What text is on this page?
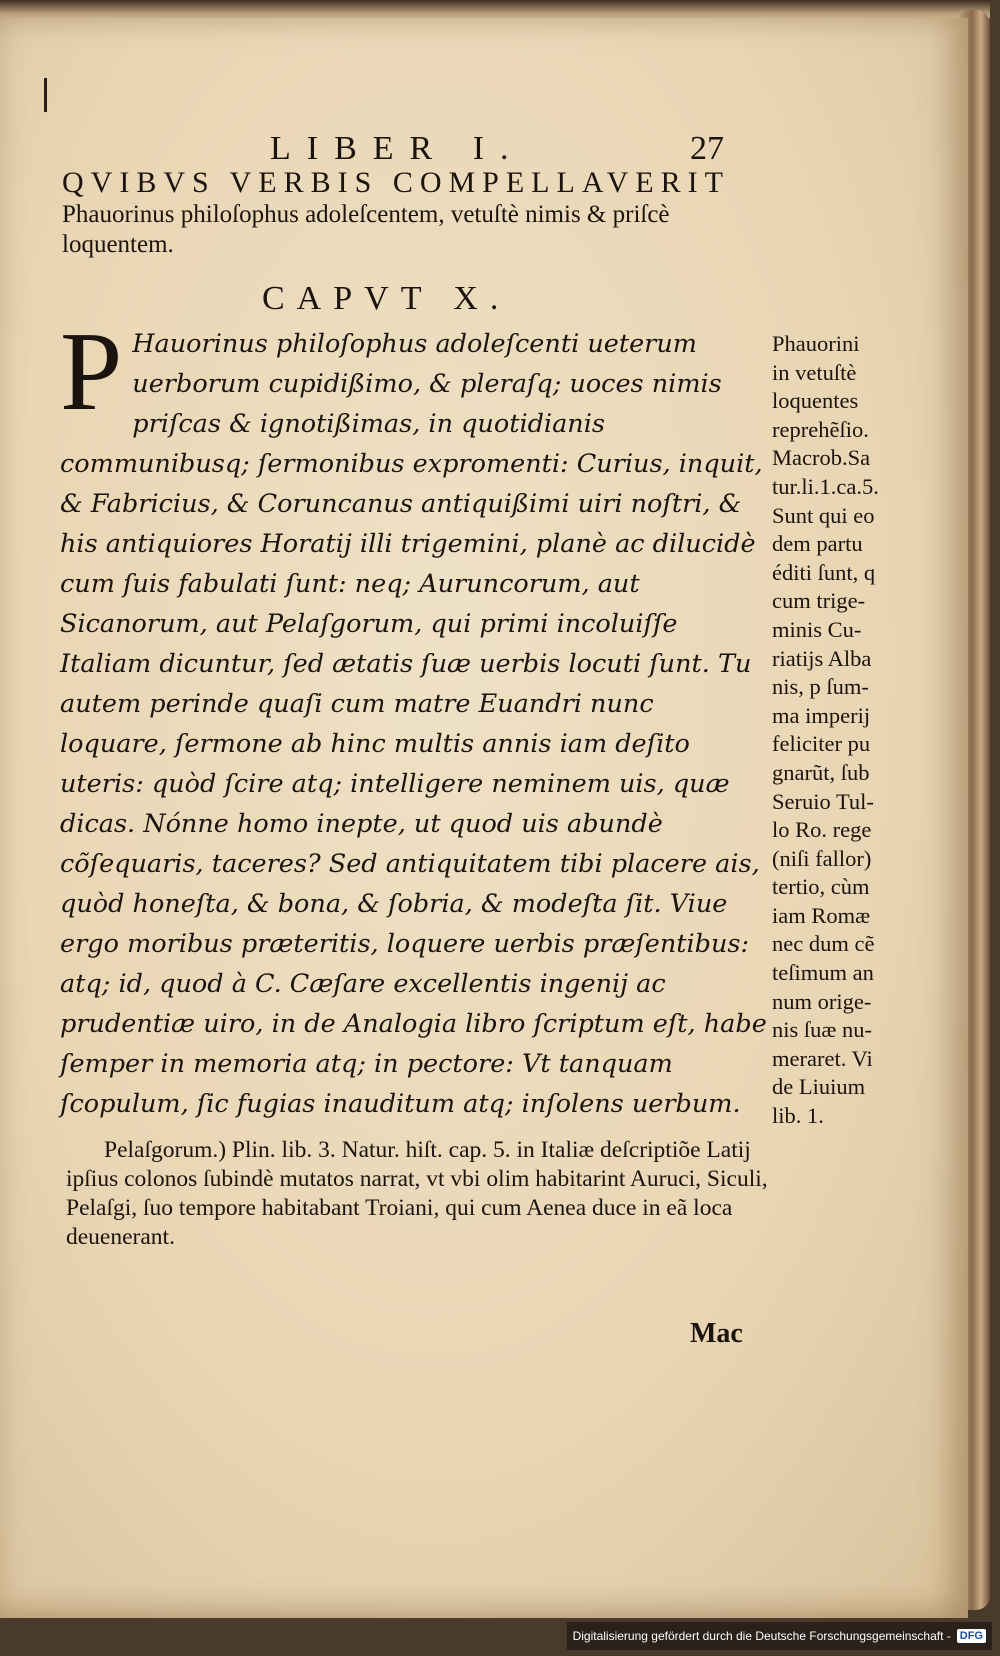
LIBER I.	27
QVIBVS VERBIS COMPELLAVERIT
Phauorinus philoſophus adoleſcentem, vetuſtè nimis & priſcè loquentem.
CAPVT X.
P Hauorinus philoſophus adoleſcenti ueterum uerborum cupidißimo, & pleraſq; uoces nimis priſcas & ignotißimas, in quotidianis communibusq; ſermonibus expromenti: Curius, inquit, & Fabricius, & Coruncanus antiquißimi uiri noſtri, & his antiquiores Horatij illi trigemini, planè ac dilucidè cum ſuis fabulati ſunt: neq; Auruncorum, aut Sicanorum, aut Pelaſgorum, qui primi incoluiſſe Italiam dicuntur, ſed ætatis ſuæ uerbis locuti ſunt. Tu autem perinde quaſi cum matre Euandri nunc loquare, ſermone ab hinc multis annis iam deſito uteris: quòd ſcire atq; intelligere neminem uis, quæ dicas. Nónne homo inepte, ut quod uis abundè cõſequaris, taceres? Sed antiquitatem tibi placere ais, quòd honeſta, & bona, & ſobria, & modeſta ſit. Viue ergo moribus præteritis, loquere uerbis præſentibus: atq; id, quod à C. Cæſare excellentis ingenij ac prudentiæ uiro, in de Analogia libro ſcriptum eſt, habe ſemper in memoria atq; in pectore: Vt tanquam ſcopulum, ſic fugias inauditum atq; inſolens uerbum.
Phauorini
in vetuſtè
loquentes
reprehẽſio.
Macrob.Sa
tur.li.1.ca.5.
Sunt qui eo
dem partu
éditi ſunt, q
cum trige-
minis Cu-
riatijs Alba
nis, p ſum-
ma imperij
feliciter pu
gnarũt, ſub
Seruio Tul-
lo Ro. rege
(niſi fallor)
tertio, cùm
iam Romæ
nec dum cẽ
teſimum an
num orige-
nis ſuæ nu-
meraret. Vi
de Liuium
lib. 1.
Pelaſgorum.) Plin. lib. 3. Natur. hiſt. cap. 5. in Italiæ deſcriptiõe Latij ipſius colonos ſubindè mutatos narrat, vt vbi olim habitarint Auruci, Siculi, Pelaſgi, ſuo tempore habitabant Troiani, qui cum Aenea duce in eã loca deuenerant.
Mac
Digitalisierung gefördert durch die Deutsche Forschungsgemeinschaft - DFG
